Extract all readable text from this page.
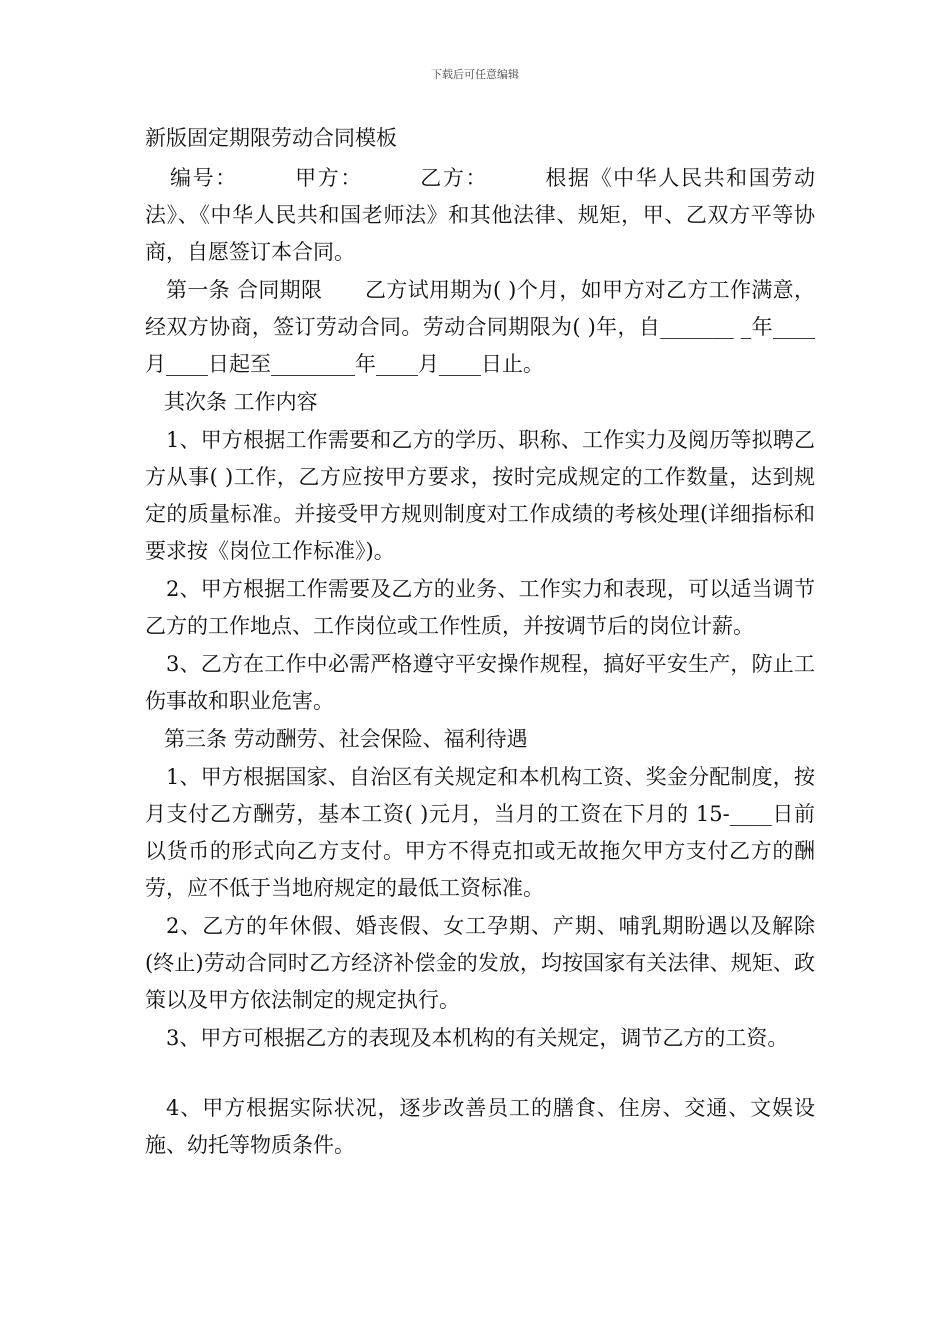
下载后可任意编辑
新版固定期限劳动合同模板

编号：　　　甲方：　　　乙方：　　　根据《中华人民共和国劳动法》、《中华人民共和国老师法》和其他法律、规矩，甲、乙双方平等协商，自愿签订本合同。

第一条 合同期限　　乙方试用期为( )个月，如甲方对乙方工作满意，经双方协商，签订劳动合同。劳动合同期限为( )年，自_______ _年____月____日起至________年____月____日止。

其次条 工作内容

1、甲方根据工作需要和乙方的学历、职称、工作实力及阅历等拟聘乙方从事( )工作，乙方应按甲方要求，按时完成规定的工作数量，达到规定的质量标准。并接受甲方规则制度对工作成绩的考核处理(详细指标和要求按《岗位工作标准》)。

2、甲方根据工作需要及乙方的业务、工作实力和表现，可以适当调节乙方的工作地点、工作岗位或工作性质，并按调节后的岗位计薪。

3、乙方在工作中必需严格遵守平安操作规程，搞好平安生产，防止工伤事故和职业危害。

第三条 劳动酬劳、社会保险、福利待遇

1、甲方根据国家、自治区有关规定和本机构工资、奖金分配制度，按月支付乙方酬劳，基本工资( )元月，当月的工资在下月的 15-____日前以货币的形式向乙方支付。甲方不得克扣或无故拖欠甲方支付乙方的酬劳，应不低于当地府规定的最低工资标准。

2、乙方的年休假、婚丧假、女工孕期、产期、哺乳期盼遇以及解除(终止)劳动合同时乙方经济补偿金的发放，均按国家有关法律、规矩、政策以及甲方依法制定的规定执行。

3、甲方可根据乙方的表现及本机构的有关规定，调节乙方的工资。

4、甲方根据实际状况，逐步改善员工的膳食、住房、交通、文娱设施、幼托等物质条件。
